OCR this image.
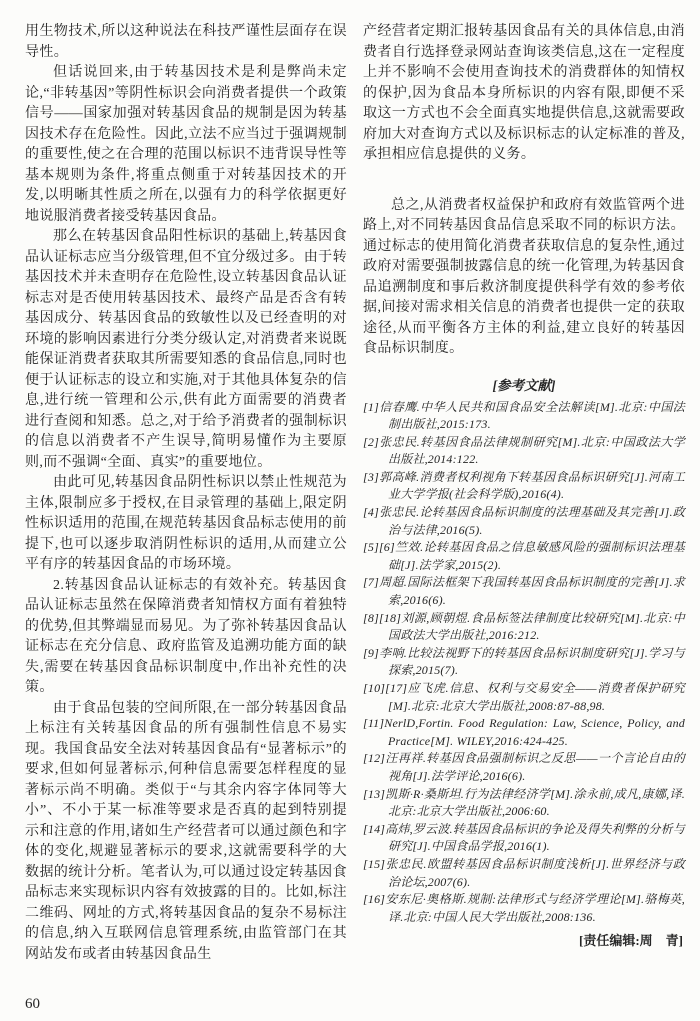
用生物技术,所以这种说法在科技严谨性层面存在误导性。

但话说回来,由于转基因技术是利是弊尚未定论,“非转基因”等阴性标识会向消费者提供一个政策信号——国家加强对转基因食品的规制是因为转基因技术存在危险性。因此,立法不应当过于强调规制的重要性,使之在合理的范围以标识不违背误导性等基本规则为条件,将重点侧重于对转基因技术的开发,以明晰其性质之所在,以强有力的科学依据更好地说服消费者接受转基因食品。

那么在转基因食品阳性标识的基础上,转基因食品认证标志应当分级管理,但不宜分级过多。由于转基因技术并未查明存在危险性,设立转基因食品认证标志对是否使用转基因技术、最终产品是否含有转基因成分、转基因食品的致敏性以及已经查明的对环境的影响因素进行分类分级认定,对消费者来说既能保证消费者获取其所需要知悉的食品信息,同时也便于认证标志的设立和实施,对于其他具体复杂的信息,进行统一管理和公示,供有此方面需要的消费者进行查阅和知悉。总之,对于给予消费者的强制标识的信息以消费者不产生误导,简明易懂作为主要原则,而不强调“全面、真实”的重要地位。

由此可见,转基因食品阴性标识以禁止性规范为主体,限制应多于授权,在目录管理的基础上,限定阴性标识适用的范围,在规范转基因食品标志使用的前提下,也可以逐步取消阴性标识的适用,从而建立公平有序的转基因食品的市场环境。

2.转基因食品认证标志的有效补充。转基因食品认证标志虽然在保障消费者知情权方面有着独特的优势,但其弊端显而易见。为了弥补转基因食品认证标志在充分信息、政府监管及追溯功能方面的缺失,需要在转基因食品标识制度中,作出补充性的决策。

由于食品包装的空间所限,在一部分转基因食品上标注有关转基因食品的所有强制性信息不易实现。我国食品安全法对转基因食品有“显著标示”的要求,但如何显著标示,何种信息需要怎样程度的显著标示尚不明确。类似于“与其余内容字体同等大小”、不小于某一标准等要求是否真的起到特别提示和注意的作用,诸如生产经营者可以通过颜色和字体的变化,规避显著标示的要求,这就需要科学的大数据的统计分析。笔者认为,可以通过设定转基因食品标志来实现标识内容有效披露的目的。比如,标注二维码、网址的方式,将转基因食品的复杂不易标注的信息,纳入互联网信息管理系统,由监管部门在其网站发布或者由转基因食品生

产经营者定期汇报转基因食品有关的具体信息,由消费者自行选择登录网站查询该类信息,这在一定程度上并不影响不会使用查询技术的消费群体的知情权的保护,因为食品本身所标识的内容有限,即便不采取这一方式也不会全面真实地提供信息,这就需要政府加大对查询方式以及标识标志的认定标准的普及,承担相应信息提供的义务。

总之,从消费者权益保护和政府有效监管两个进路上,对不同转基因食品信息采取不同的标识方法。通过标志的使用简化消费者获取信息的复杂性,通过政府对需要强制披露信息的统一化管理,为转基因食品追溯制度和事后救济制度提供科学有效的参考依据,间接对需求相关信息的消费者也提供一定的获取途径,从而平衡各方主体的利益,建立良好的转基因食品标识制度。

[参考文献]
[1]信春鹰.中华人民共和国食品安全法解读[M].北京:中国法制出版社,2015:173.
[2]张忠民.转基因食品法律规制研究[M].北京:中国政法大学出版社,2014:122.
[3]郭高峰.消费者权利视角下转基因食品标识研究[J].河南工业大学学报(社会科学版),2016(4).
[4]张忠民.论转基因食品标识制度的法理基础及其完善[J].政治与法律,2016(5).
[5][6]竺效.论转基因食品之信息敏感风险的强制标识法理基础[J].法学家,2015(2).
[7]周超.国际法框架下我国转基因食品标识制度的完善[J].求索,2016(6).
[8][18]刘源,顾朝煜.食品标签法律制度比较研究[M].北京:中国政法大学出版社,2016:212.
[9]李响.比较法视野下的转基因食品标识制度研究[J].学习与探索,2015(7).
[10][17]应飞虎.信息、权利与交易安全——消费者保护研究[M].北京:北京大学出版社,2008:87-88,98.
[11]NerlD,Fortin. Food Regulation: Law, Science, Policy, and Practice[M]. WILEY,2016:424-425.
[12]汪再祥.转基因食品强制标识之反思——一个言论自由的视角[J].法学评论,2016(6).
[13]凯斯·R·桑斯坦.行为法律经济学[M].涂永前,成凡,康娜,译.北京:北京大学出版社,2006:60.
[14]高炜,罗云波.转基因食品标识的争论及得失利弊的分析与研究[J].中国食品学报,2016(1).
[15]张忠民.欧盟转基因食品标识制度浅析[J].世界经济与政治论坛,2007(6).
[16]安东尼·奥格斯.规制:法律形式与经济学理论[M].骆梅英,译.北京:中国人民大学出版社,2008:136.
[责任编辑:周　青]
60
